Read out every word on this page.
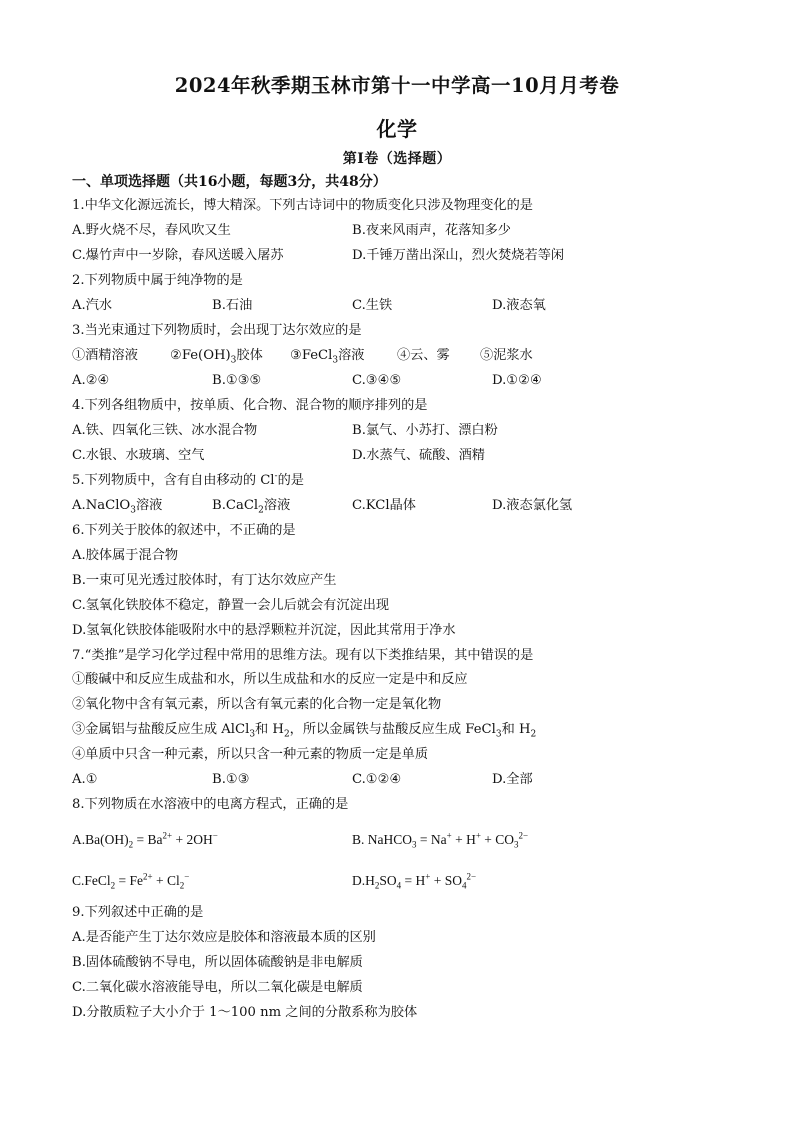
2024年秋季期玉林市第十一中学高一10月月考卷
化学
第I卷（选择题）
一、单项选择题（共16小题，每题3分，共48分）
1.中华文化源远流长，博大精深。下列古诗词中的物质变化只涉及物理变化的是
A.野火烧不尽，春风吹又生	B.夜来风雨声，花落知多少
C.爆竹声中一岁除，春风送暖入屠苏	D.千锤万凿出深山，烈火焚烧若等闲
2.下列物质中属于纯净物的是
A.汽水	B.石油	C.生铁	D.液态氧
3.当光束通过下列物质时，会出现丁达尔效应的是
①酒精溶液 $②Fe(OH)_3$胶体 ③FeCl$_3$溶液 ④云、雾 ⑤泥浆水
A.②④	B.①③⑤	C.③④⑤	D.①②④
4.下列各组物质中，按单质、化合物、混合物的顺序排列的是
A.铁、四氧化三铁、冰水混合物	B.氯气、小苏打、漂白粉
C.水银、水玻璃、空气	D.水蒸气、硫酸、酒精
5.下列物质中，含有自由移动的 Cl-的是
A.NaClO$_3$溶液	B.CaCl$_2$溶液	C.KCl晶体	D.液态氯化氢
6.下列关于胶体的叙述中，不正确的是
A.胶体属于混合物
B.一束可见光透过胶体时，有丁达尔效应产生
C.氢氧化铁胶体不稳定，静置一会儿后就会有沉淀出现
D.氢氧化铁胶体能吸附水中的悬浮颗粒并沉淀，因此其常用于净水
7.“类推”是学习化学过程中常用的思维方法。现有以下类推结果，其中错误的是
①酸碱中和反应生成盐和水，所以生成盐和水的反应一定是中和反应
②氧化物中含有氧元素，所以含有氧元素的化合物一定是氧化物
③金属铝与盐酸反应生成 AlCl$_3$和 $H_2$，所以金属铁与盐酸反应生成 FeCl$_3$和 $H_2$
④单质中只含一种元素，所以只含一种元素的物质一定是单质
A.①	B.①③	C.①②④	D.全部
8.下列物质在水溶液中的电离方程式，正确的是
$A.Ba(OH)_2 = Ba^{2+} + 2OH^-$	B. NaHCO$_3$ = $Na^+ + H^+ + CO_3^{2-}$
C.FeCl$_2$ = $Fe^{2+} + Cl_2^-$	$D.H_2SO_4 = H^+ + SO_4^{2-}$
9.下列叙述中正确的是
A.是否能产生丁达尔效应是胶体和溶液最本质的区别
B.固体硫酸钠不导电，所以固体硫酸钠是非电解质
C.二氧化碳水溶液能导电，所以二氧化碳是电解质
D.分散质粒子大小介于 1～100 nm 之间的分散系称为胶体
